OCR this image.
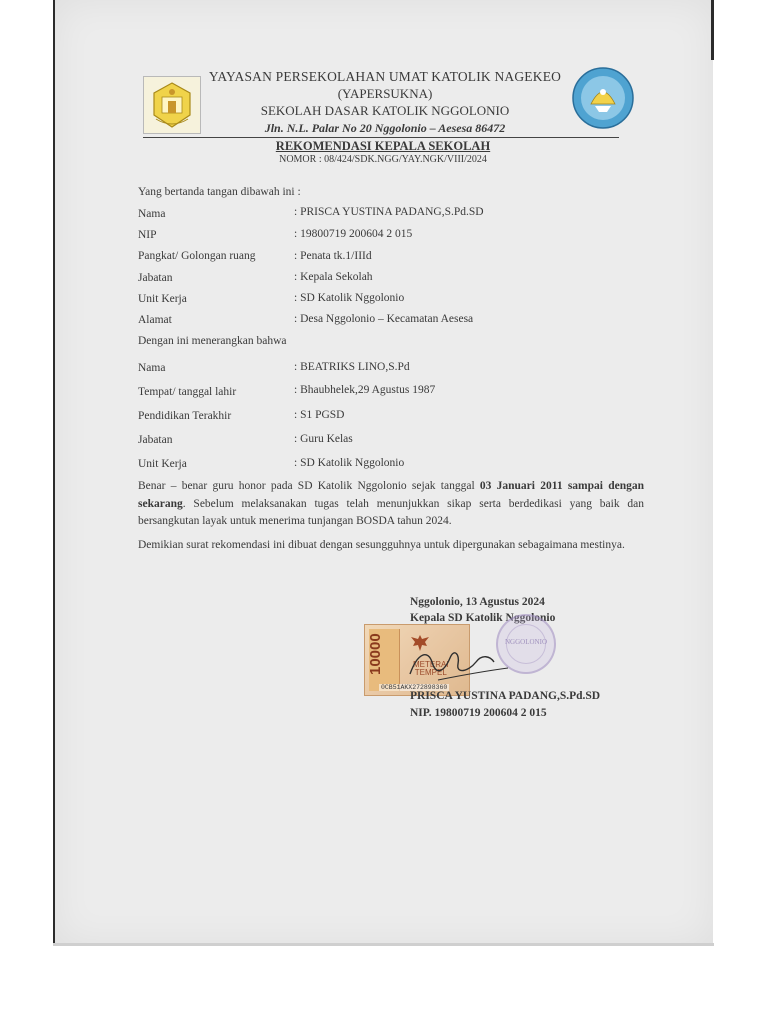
YAYASAN PERSEKOLAHAN UMAT KATOLIK NAGEKEO
(YAPERSUKNA)
SEKOLAH DASAR KATOLIK NGGOLONIO
Jln. N.L. Palar No 20 Nggolonio – Aesesa 86472
REKOMENDASI KEPALA SEKOLAH
NOMOR : 08/424/SDK.NGG/YAY.NGK/VIII/2024
Yang bertanda tangan dibawah ini :
Nama	: PRISCA YUSTINA PADANG,S.Pd.SD
NIP	: 19800719 200604 2 015
Pangkat/ Golongan ruang	: Penata tk.1/IIId
Jabatan	: Kepala Sekolah
Unit Kerja	: SD Katolik Nggolonio
Alamat	: Desa Nggolonio – Kecamatan Aesesa
Dengan ini menerangkan bahwa
Nama	: BEATRIKS LINO,S.Pd
Tempat/ tanggal lahir	: Bhaubhelek,29 Agustus 1987
Pendidikan Terakhir	: S1 PGSD
Jabatan	: Guru Kelas
Unit Kerja	: SD Katolik Nggolonio
Benar – benar guru honor pada SD Katolik Nggolonio sejak tanggal 03 Januari 2011 sampai dengan sekarang. Sebelum melaksanakan tugas telah menunjukkan sikap serta berdedikasi yang baik dan bersangkutan layak untuk menerima tunjangan BOSDA tahun 2024.
Demikian surat rekomendasi ini dibuat dengan sesungguhnya untuk dipergunakan sebagaimana mestinya.
Nggolonio, 13 Agustus 2024
Kepala SD Katolik Nggolonio
NGGOLONIO
10000	METERAI
TEMPEL
0CB51AKX272898360
PRISCA YUSTINA PADANG,S.Pd.SD
NIP. 19800719 200604 2 015
